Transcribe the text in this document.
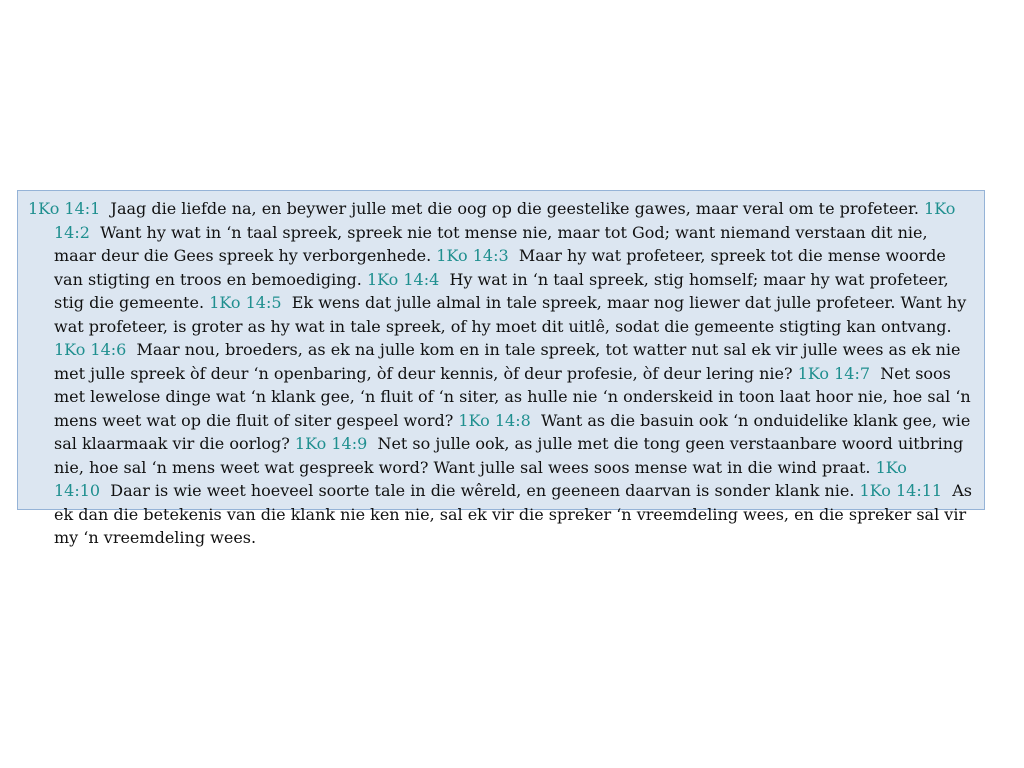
1Ko 14:1 Jaag die liefde na, en beywer julle met die oog op die geestelike gawes, maar veral om te profeteer. 1Ko 14:2 Want hy wat in ‘n taal spreek, spreek nie tot mense nie, maar tot God; want niemand verstaan dit nie, maar deur die Gees spreek hy verborgenhede. 1Ko 14:3 Maar hy wat profeteer, spreek tot die mense woorde van stigting en troos en bemoediging. 1Ko 14:4 Hy wat in ‘n taal spreek, stig homself; maar hy wat profeteer, stig die gemeente. 1Ko 14:5 Ek wens dat julle almal in tale spreek, maar nog liewer dat julle profeteer. Want hy wat profeteer, is groter as hy wat in tale spreek, of hy moet dit uitlê, sodat die gemeente stigting kan ontvang. 1Ko 14:6 Maar nou, broeders, as ek na julle kom en in tale spreek, tot watter nut sal ek vir julle wees as ek nie met julle spreek òf deur ‘n openbaring, òf deur kennis, òf deur profesie, òf deur lering nie? 1Ko 14:7 Net soos met lewelose dinge wat ‘n klank gee, ‘n fluit of ‘n siter, as hulle nie ‘n onderskeid in toon laat hoor nie, hoe sal ‘n mens weet wat op die fluit of siter gespeel word? 1Ko 14:8 Want as die basuin ook ‘n onduidelike klank gee, wie sal klaarmaak vir die oorlog? 1Ko 14:9 Net so julle ook, as julle met die tong geen verstaanbare woord uitbring nie, hoe sal ‘n mens weet wat gespreek word? Want julle sal wees soos mense wat in die wind praat. 1Ko 14:10 Daar is wie weet hoeveel soorte tale in die wêreld, en geeneen daarvan is sonder klank nie. 1Ko 14:11 As ek dan die betekenis van die klank nie ken nie, sal ek vir die spreker ‘n vreemdeling wees, en die spreker sal vir my ‘n vreemdeling wees.
